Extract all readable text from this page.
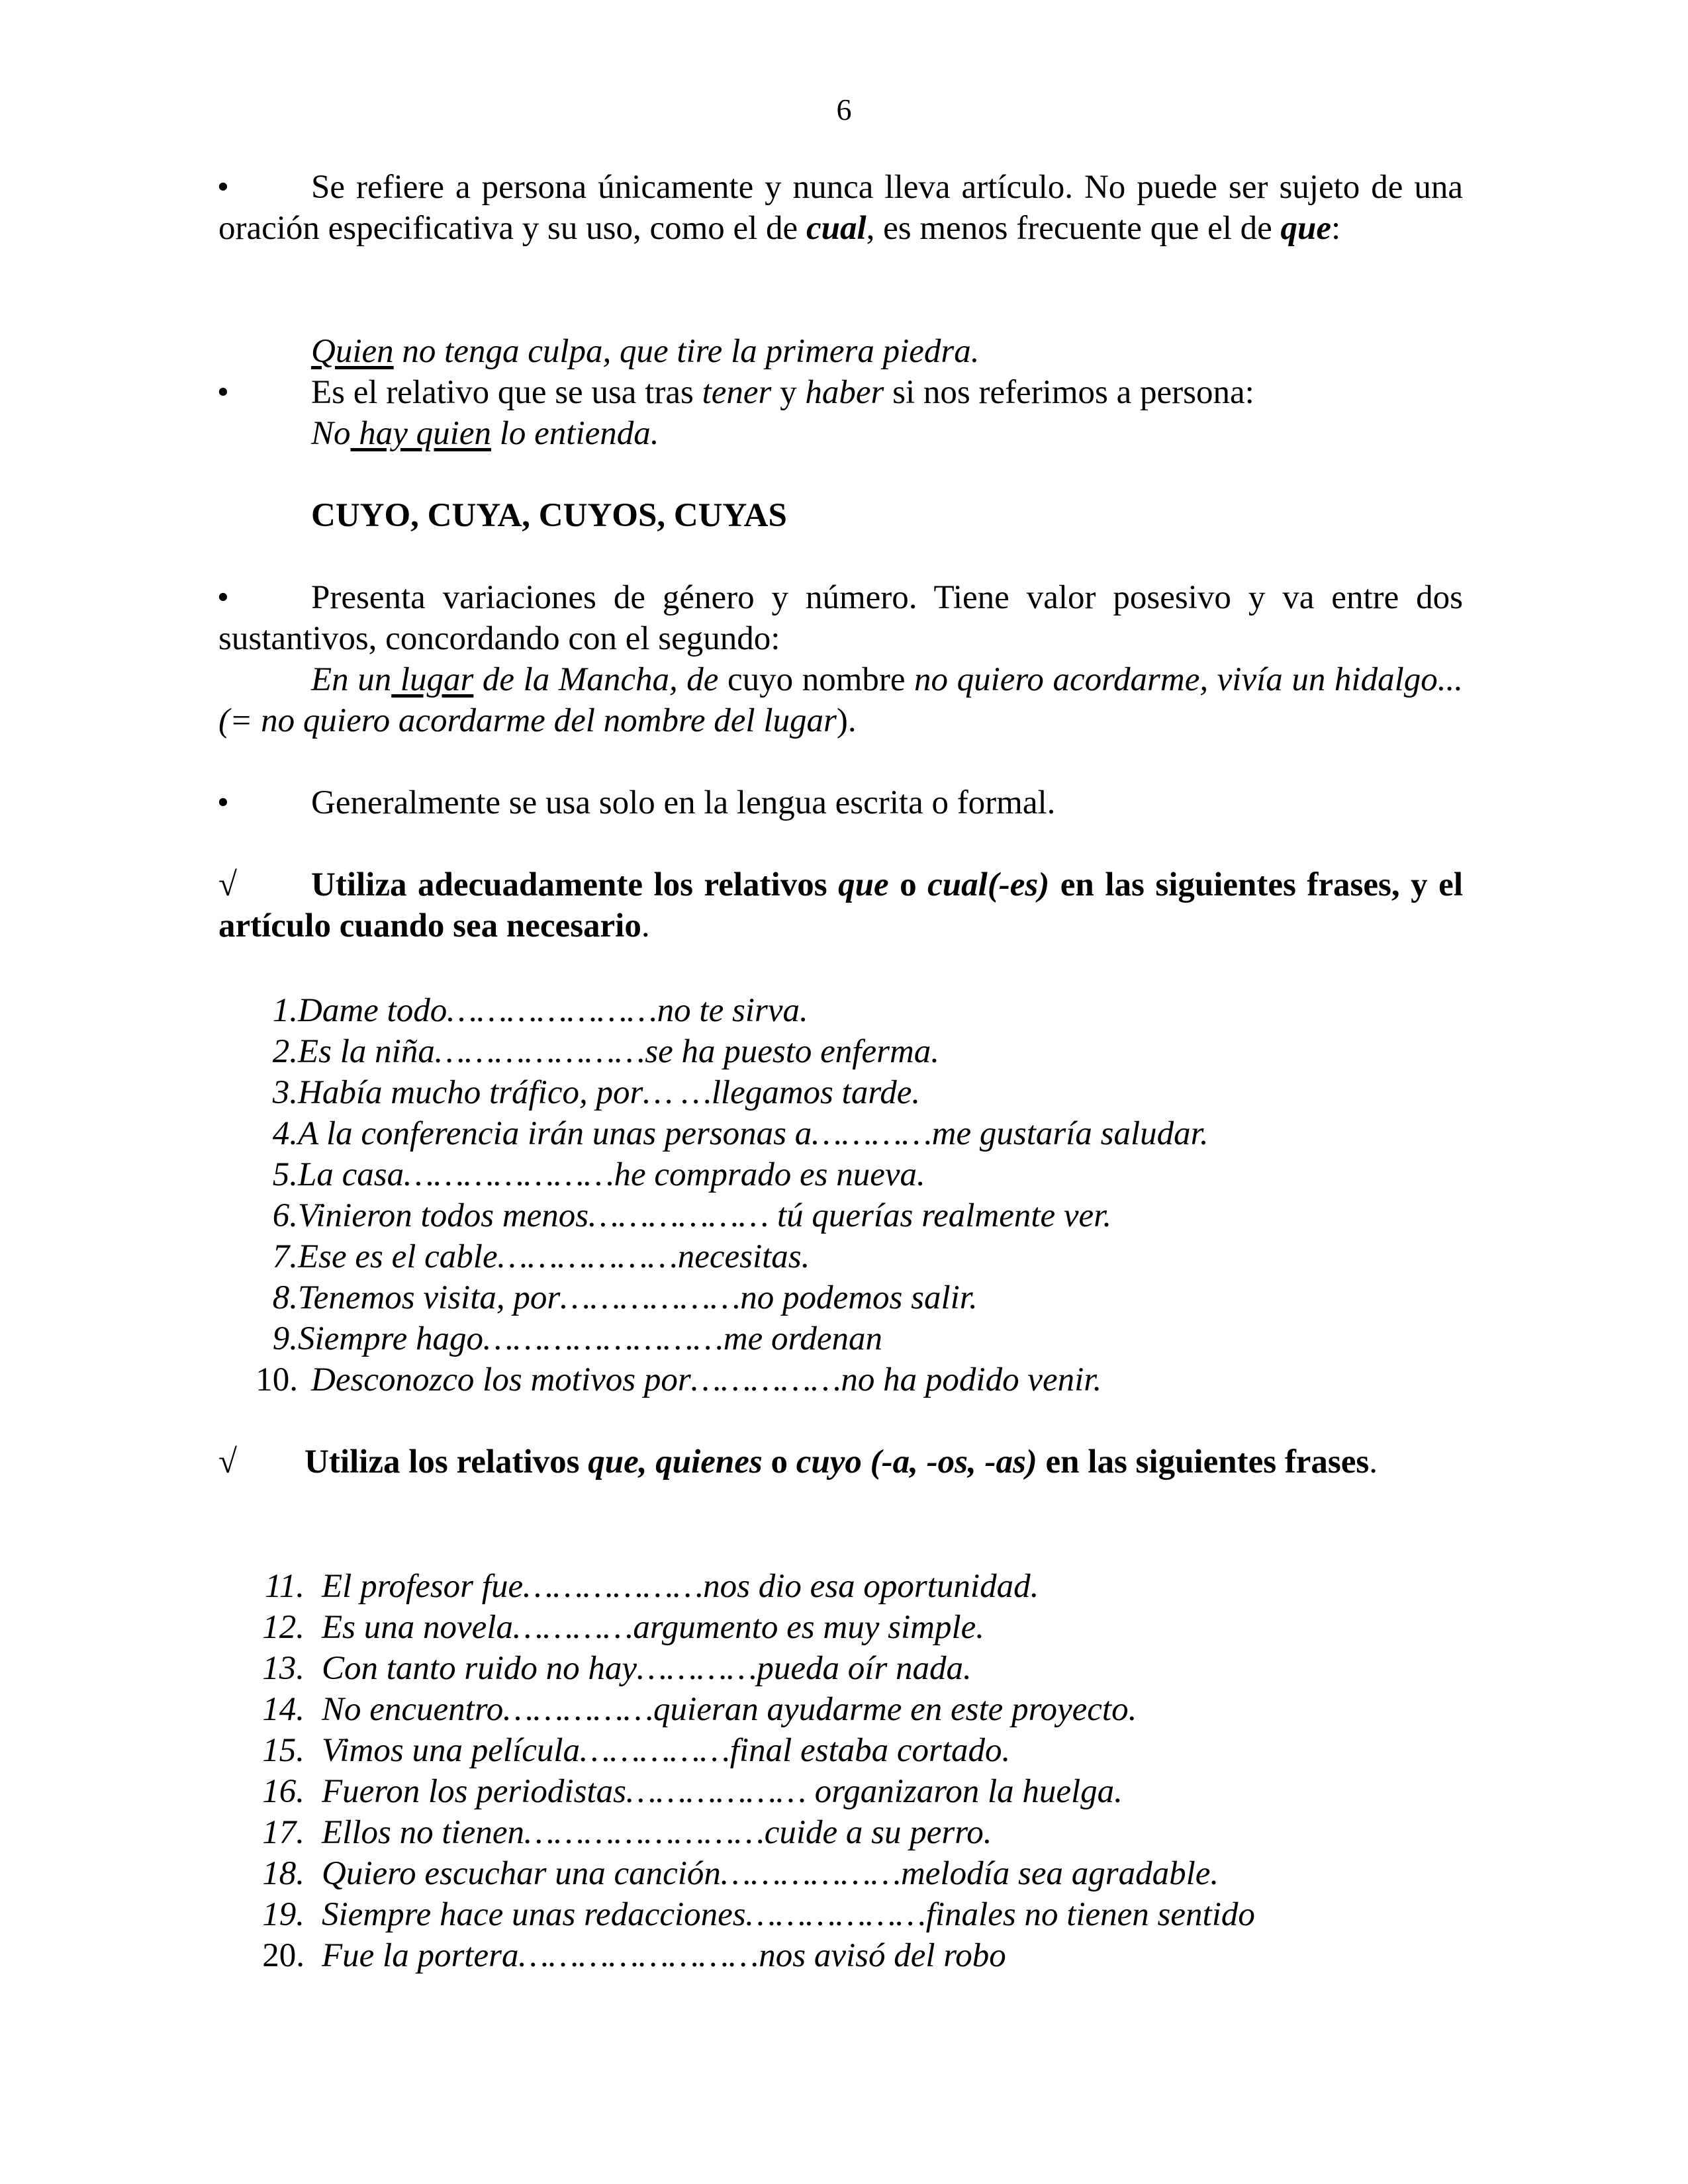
6
•	Se refiere a persona únicamente y nunca lleva artículo. No puede ser sujeto de una oración especificativa y su uso, como el de cual, es menos frecuente que el de que:
Quien no tenga culpa, que tire la primera piedra.
• Es el relativo que se usa tras tener y haber si nos referimos a persona:
No hay quien lo entienda.
CUYO, CUYA, CUYOS, CUYAS
•	Presenta variaciones de género y número. Tiene valor posesivo y va entre dos sustantivos, concordando con el segundo:
En un lugar de la Mancha, de cuyo nombre no quiero acordarme, vivía un hidalgo...(= no quiero acordarme del nombre del lugar).
• Generalmente se usa solo en la lengua escrita o formal.
√	Utiliza adecuadamente los relativos que o cual(-es) en las siguientes frases, y el artículo cuando sea necesario.
1. Dame todo…………………no te sirva.
2. Es la niña…………………se ha puesto enferma.
3. Había mucho tráfico, por… …llegamos tarde.
4. A la conferencia irán unas personas a…………me gustaría saludar.
5. La casa…………………he comprado es nueva.
6. Vinieron todos menos……………… tú querías realmente ver.
7. Ese es el cable………………necesitas.
8. Tenemos visita, por………………no podemos salir.
9. Siempre hago……………………me ordenan
10. Desconozco los motivos por……………no ha podido venir.
√	Utiliza los relativos que, quienes o cuyo (-a, -os, -as) en las siguientes frases.
11. El profesor fue………………nos dio esa oportunidad.
12. Es una novela…………argumento es muy simple.
13. Con tanto ruido no hay…………pueda oír nada.
14. No encuentro……………quieran ayudarme en este proyecto.
15. Vimos una película……………final estaba cortado.
16. Fueron los periodistas……………… organizaron la huelga.
17. Ellos no tienen……………………cuide a su perro.
18. Quiero escuchar una canción………………melodía sea agradable.
19. Siempre hace unas redacciones………………finales no tienen sentido
20. Fue la portera……………………nos avisó del robo
